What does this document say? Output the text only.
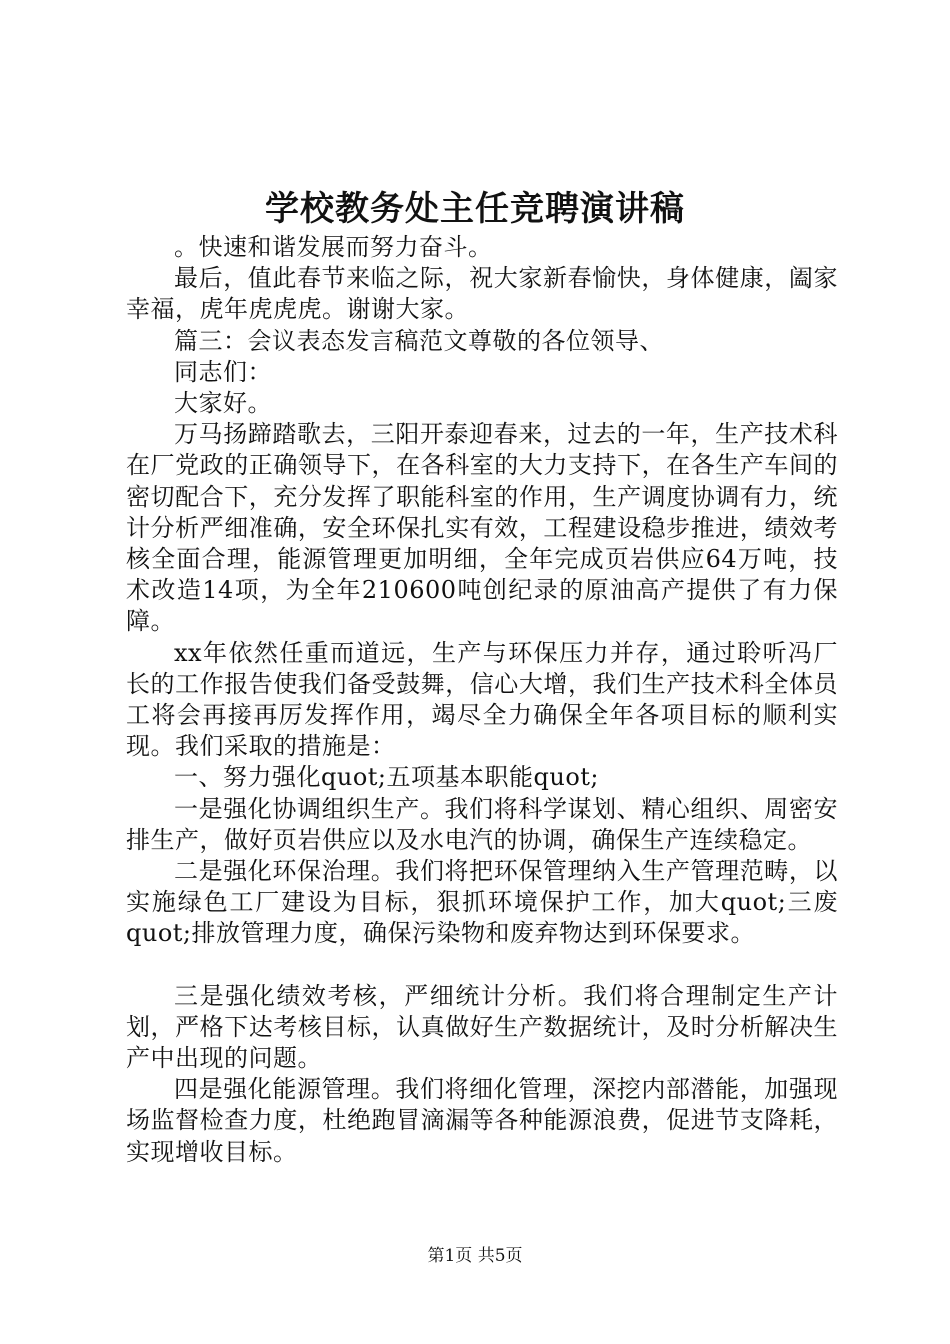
学校教务处主任竞聘演讲稿

。快速和谐发展而努力奋斗。

最后，值此春节来临之际，祝大家新春愉快，身体健康，阖家幸福，虎年虎虎虎。谢谢大家。

篇三：会议表态发言稿范文尊敬的各位领导、

同志们：

大家好。

万马扬蹄踏歌去，三阳开泰迎春来，过去的一年，生产技术科在厂党政的正确领导下，在各科室的大力支持下，在各生产车间的密切配合下，充分发挥了职能科室的作用，生产调度协调有力，统计分析严细准确，安全环保扎实有效，工程建设稳步推进，绩效考核全面合理，能源管理更加明细，全年完成页岩供应64万吨，技术改造14项，为全年210600吨创纪录的原油高产提供了有力保障。

xx年依然任重而道远，生产与环保压力并存，通过聆听冯厂长的工作报告使我们备受鼓舞，信心大增，我们生产技术科全体员工将会再接再厉发挥作用，竭尽全力确保全年各项目标的顺利实现。我们采取的措施是：

一、努力强化quot;五项基本职能quot;

一是强化协调组织生产。我们将科学谋划、精心组织、周密安排生产，做好页岩供应以及水电汽的协调，确保生产连续稳定。

二是强化环保治理。我们将把环保管理纳入生产管理范畴，以实施绿色工厂建设为目标，狠抓环境保护工作，加大quot;三废quot;排放管理力度，确保污染物和废弃物达到环保要求。

三是强化绩效考核，严细统计分析。我们将合理制定生产计划，严格下达考核目标，认真做好生产数据统计，及时分析解决生产中出现的问题。

四是强化能源管理。我们将细化管理，深挖内部潜能，加强现场监督检查力度，杜绝跑冒滴漏等各种能源浪费，促进节支降耗，实现增收目标。

第1页 共5页
